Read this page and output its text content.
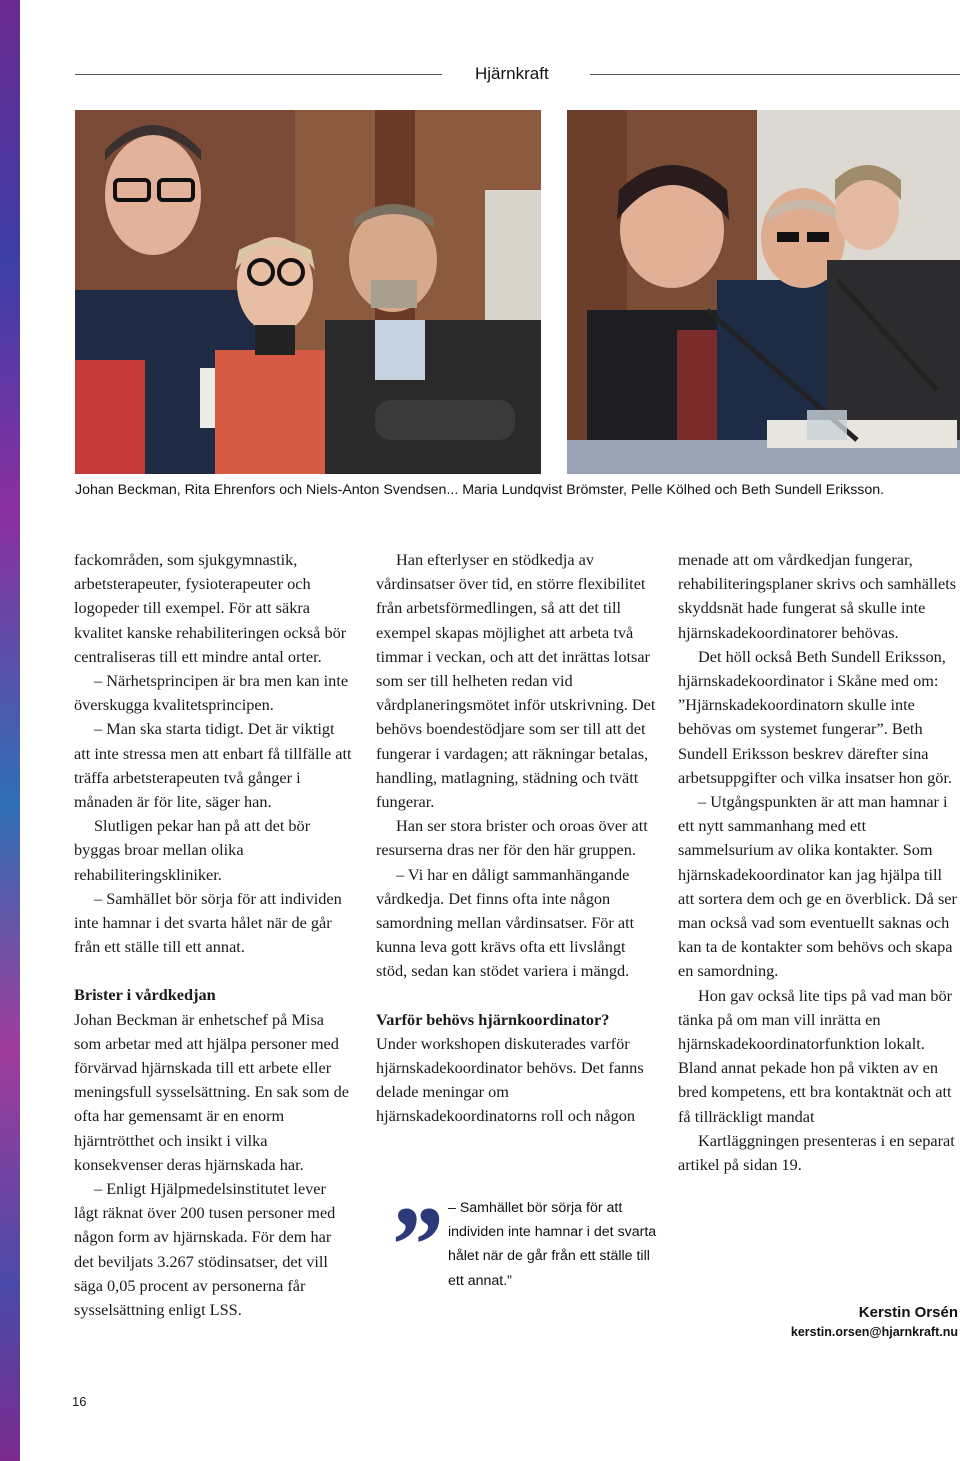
Hjärnkraft
Johan Beckman, Rita Ehrenfors och Niels-Anton Svendsen... Maria Lundqvist Brömster, Pelle Kölhed och Beth Sundell Eriksson.

fackområden, som sjukgymnastik, arbetsterapeuter, fysioterapeuter och logopeder till exempel. För att säkra kvalitet kanske rehabiliteringen också bör centraliseras till ett mindre antal orter.

– Närhetsprincipen är bra men kan inte överskugga kvalitetsprincipen.

– Man ska starta tidigt. Det är viktigt att inte stressa men att enbart få tillfälle att träffa arbetsterapeuten två gånger i månaden är för lite, säger han.

Slutligen pekar han på att det bör byggas broar mellan olika rehabiliteringskliniker.

– Samhället bör sörja för att individen inte hamnar i det svarta hålet när de går från ett ställe till ett annat.

Brister i vårdkedjan

Johan Beckman är enhetschef på Misa som arbetar med att hjälpa personer med förvärvad hjärnskada till ett arbete eller meningsfull sysselsättning. En sak som de ofta har gemensamt är en enorm hjärntrötthet och insikt i vilka konsekvenser deras hjärnskada har.

– Enligt Hjälpmedelsinstitutet lever lågt räknat över 200 tusen personer med någon form av hjärnskada. För dem har det beviljats 3.267 stödinsatser, det vill säga 0,05 procent av personerna får sysselsättning enligt LSS.

Han efterlyser en stödkedja av vårdinsatser över tid, en större flexibilitet från arbetsförmedlingen, så att det till exempel skapas möjlighet att arbeta två timmar i veckan, och att det inrättas lotsar som ser till helheten redan vid vårdplaneringsmötet inför utskrivning. Det behövs boendestödjare som ser till att det fungerar i vardagen; att räkningar betalas, handling, matlagning, städning och tvätt fungerar.

Han ser stora brister och oroas över att resurserna dras ner för den här gruppen.

– Vi har en dåligt sammanhängande vårdkedja. Det finns ofta inte någon samordning mellan vårdinsatser. För att kunna leva gott krävs ofta ett livslångt stöd, sedan kan stödet variera i mängd.

Varför behövs hjärnkoordinator?

Under workshopen diskuterades varför hjärnskadekoordinator behövs. Det fanns delade meningar om hjärnskadekoordinatorns roll och någon

” – Samhället bör sörja för att individen inte hamnar i det svarta hålet när de går från ett ställe till ett annat.”

menade att om vårdkedjan fungerar, rehabiliteringsplaner skrivs och samhällets skyddsnät hade fungerat så skulle inte hjärnskadekoordinatorer behövas.

Det höll också Beth Sundell Eriksson, hjärnskadekoordinator i Skåne med om: ”Hjärnskadekoordinatorn skulle inte behövas om systemet fungerar”. Beth Sundell Eriksson beskrev därefter sina arbetsuppgifter och vilka insatser hon gör.

– Utgångspunkten är att man hamnar i ett nytt sammanhang med ett sammelsurium av olika kontakter. Som hjärnskadekoordinator kan jag hjälpa till att sortera dem och ge en överblick. Då ser man också vad som eventuellt saknas och kan ta de kontakter som behövs och skapa en samordning.

Hon gav också lite tips på vad man bör tänka på om man vill inrätta en hjärnskadekoordinatorfunktion lokalt. Bland annat pekade hon på vikten av en bred kompetens, ett bra kontaktnät och att få tillräckligt mandat

Kartläggningen presenteras i en separat artikel på sidan 19.

Kerstin Orsén
kerstin.orsen@hjarnkraft.nu
16
